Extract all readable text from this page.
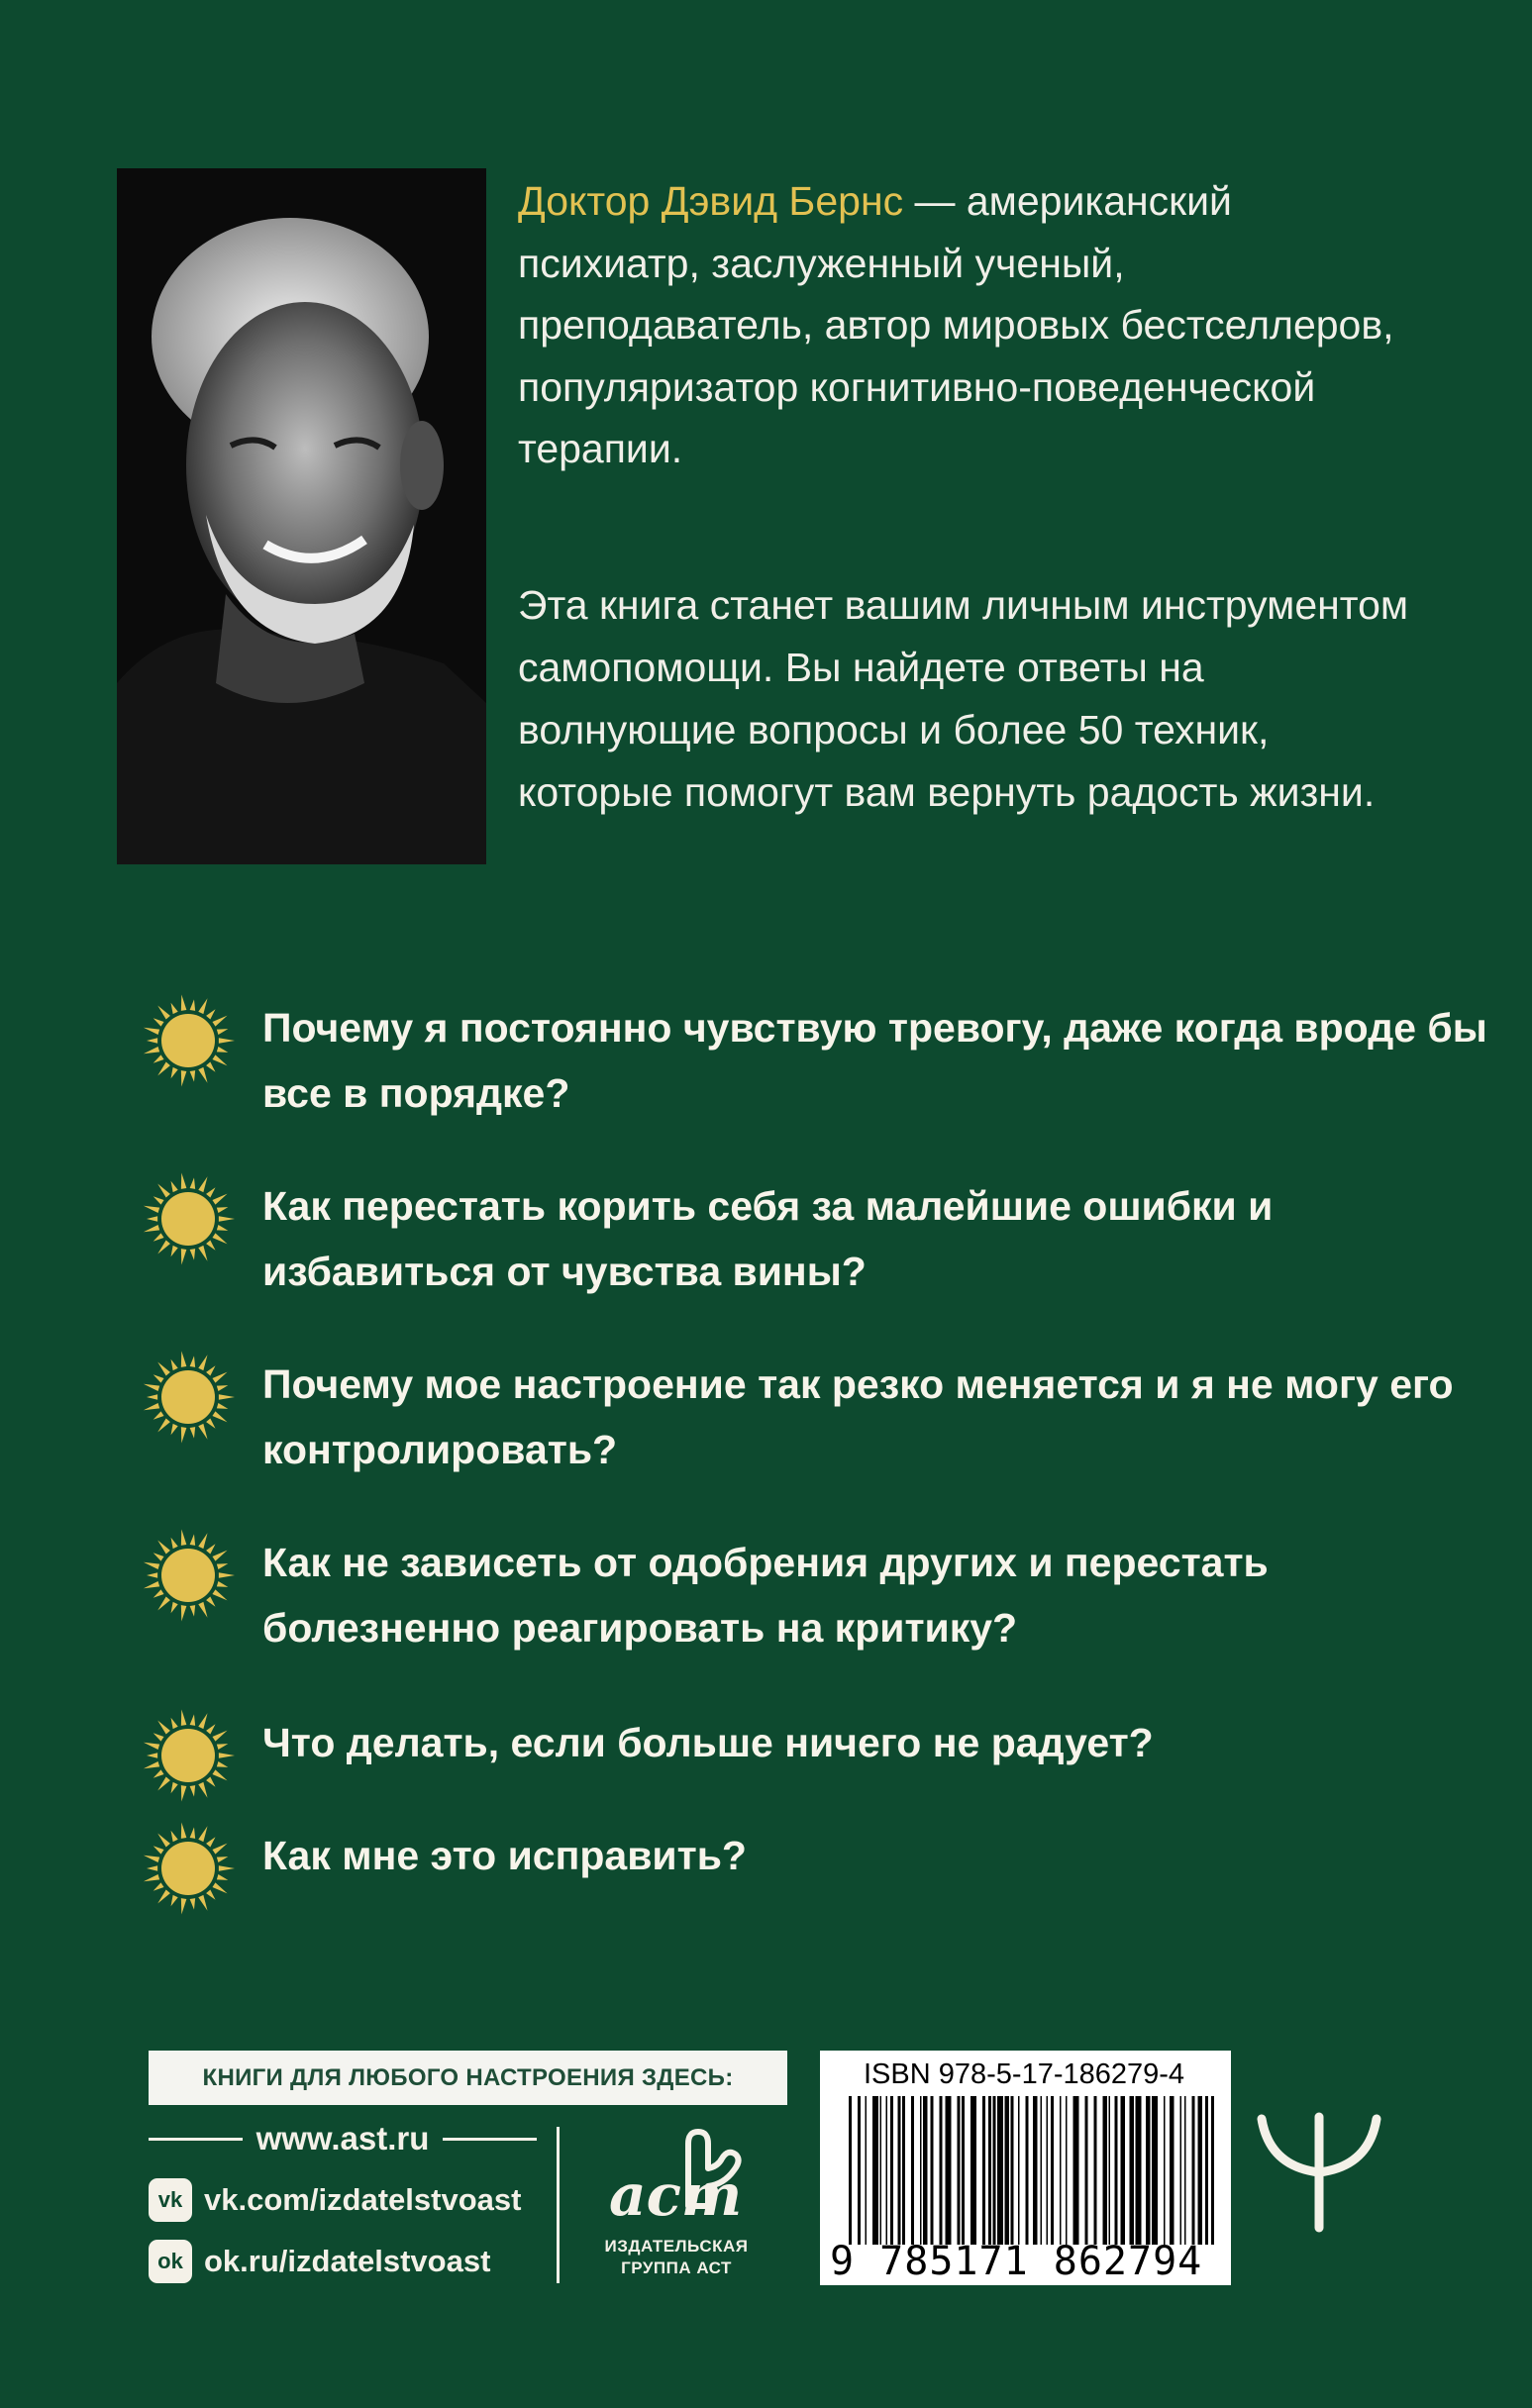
Доктор Дэвид Бернс — американский психиатр, заслуженный ученый, преподаватель, автор мировых бестселлеров, популяризатор когнитивно-поведенческой терапии.
Эта книга станет вашим личным инструментом самопомощи. Вы найдете ответы на волнующие вопросы и более 50 техник, которые помогут вам вернуть радость жизни.
Почему я постоянно чувствую тревогу, даже когда вроде бы все в порядке?
Как перестать корить себя за малейшие ошибки и избавиться от чувства вины?
Почему мое настроение так резко меняется и я не могу его контролировать?
Как не зависеть от одобрения других и перестать болезненно реагировать на критику?
Что делать, если больше ничего не радует?
Как мне это исправить?
КНИГИ ДЛЯ ЛЮБОГО НАСТРОЕНИЯ ЗДЕСЬ:
www.ast.ru
vk vk.com/izdatelstvoast
ok ok.ru/izdatelstvoast
аст
ИЗДАТЕЛЬСКАЯ
ГРУППА АСТ
ISBN 978-5-17-186279-4
9 785171 862794
